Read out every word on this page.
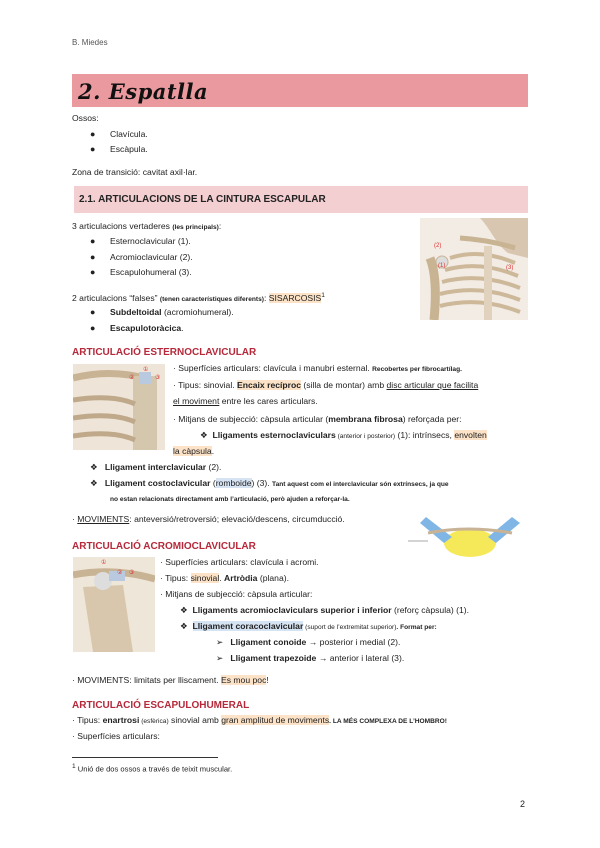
B. Miedes
2. Espatlla
Ossos:
● Clavícula.
● Escàpula.
Zona de transició: cavitat axil·lar.
2.1. ARTICULACIONS DE LA CINTURA ESCAPULAR
3 articulacions vertaderes (les principals):
● Esternoclavicular (1).
● Acromioclavicular (2).
● Escapulohumeral (3).
2 articulacions “falses” (tenen característiques diferents): SISARCOSIS$^1$
● Subdeltoidal (acromiohumeral).
● Escapulotoràcica.
(2)
(1)	(3)
ARTICULACIÓ ESTERNOCLAVICULAR
①
②	③
· Superfícies articulars: clavícula i manubri esternal. Recobertes per fibrocartílag.
· Tipus: sinovial. Encaix recíproc (silla de montar) amb disc articular que facilita
el moviment entre les cares articulars.
· Mitjans de subjecció: càpsula articular (membrana fibrosa) reforçada per:
❖ Lligaments esternoclaviculars (anterior i posterior) (1): intrínsecs, envolten
la càpsula.
❖ Lligament interclavicular (2).
❖ Lligament costoclavicular (romboide) (3). Tant aquest com el interclavicular són extrínsecs, ja que
no estan relacionats directament amb l’articulació, però ajuden a reforçar-la.
· MOVIMENTS: anteversió/retroversió; elevació/descens, circumducció.
ARTICULACIÓ ACROMIOCLAVICULAR
①
② ③
· Superfícies articulars: clavícula i acromi.
· Tipus: sinovial. Artròdia (plana).
· Mitjans de subjecció: càpsula articular:
❖ Lligaments acromioclaviculars superior i inferior (reforç càpsula) (1).
❖ Lligament coracoclavicular (suport de l’extremitat superior). Format per:
➢ Lligament conoide → posterior i medial (2).
➢ Lligament trapezoide → anterior i lateral (3).
· MOVIMENTS: limitats per lliscament. Es mou poc!
ARTICULACIÓ ESCAPULOHUMERAL
· Tipus: enartrosi (esfèrica) sinovial amb gran amplitud de moviments. LA MÉS COMPLEXA DE L’HOMBRO!
· Superfícies articulars:
$^1$ Unió de dos ossos a través de teixit muscular.
2
